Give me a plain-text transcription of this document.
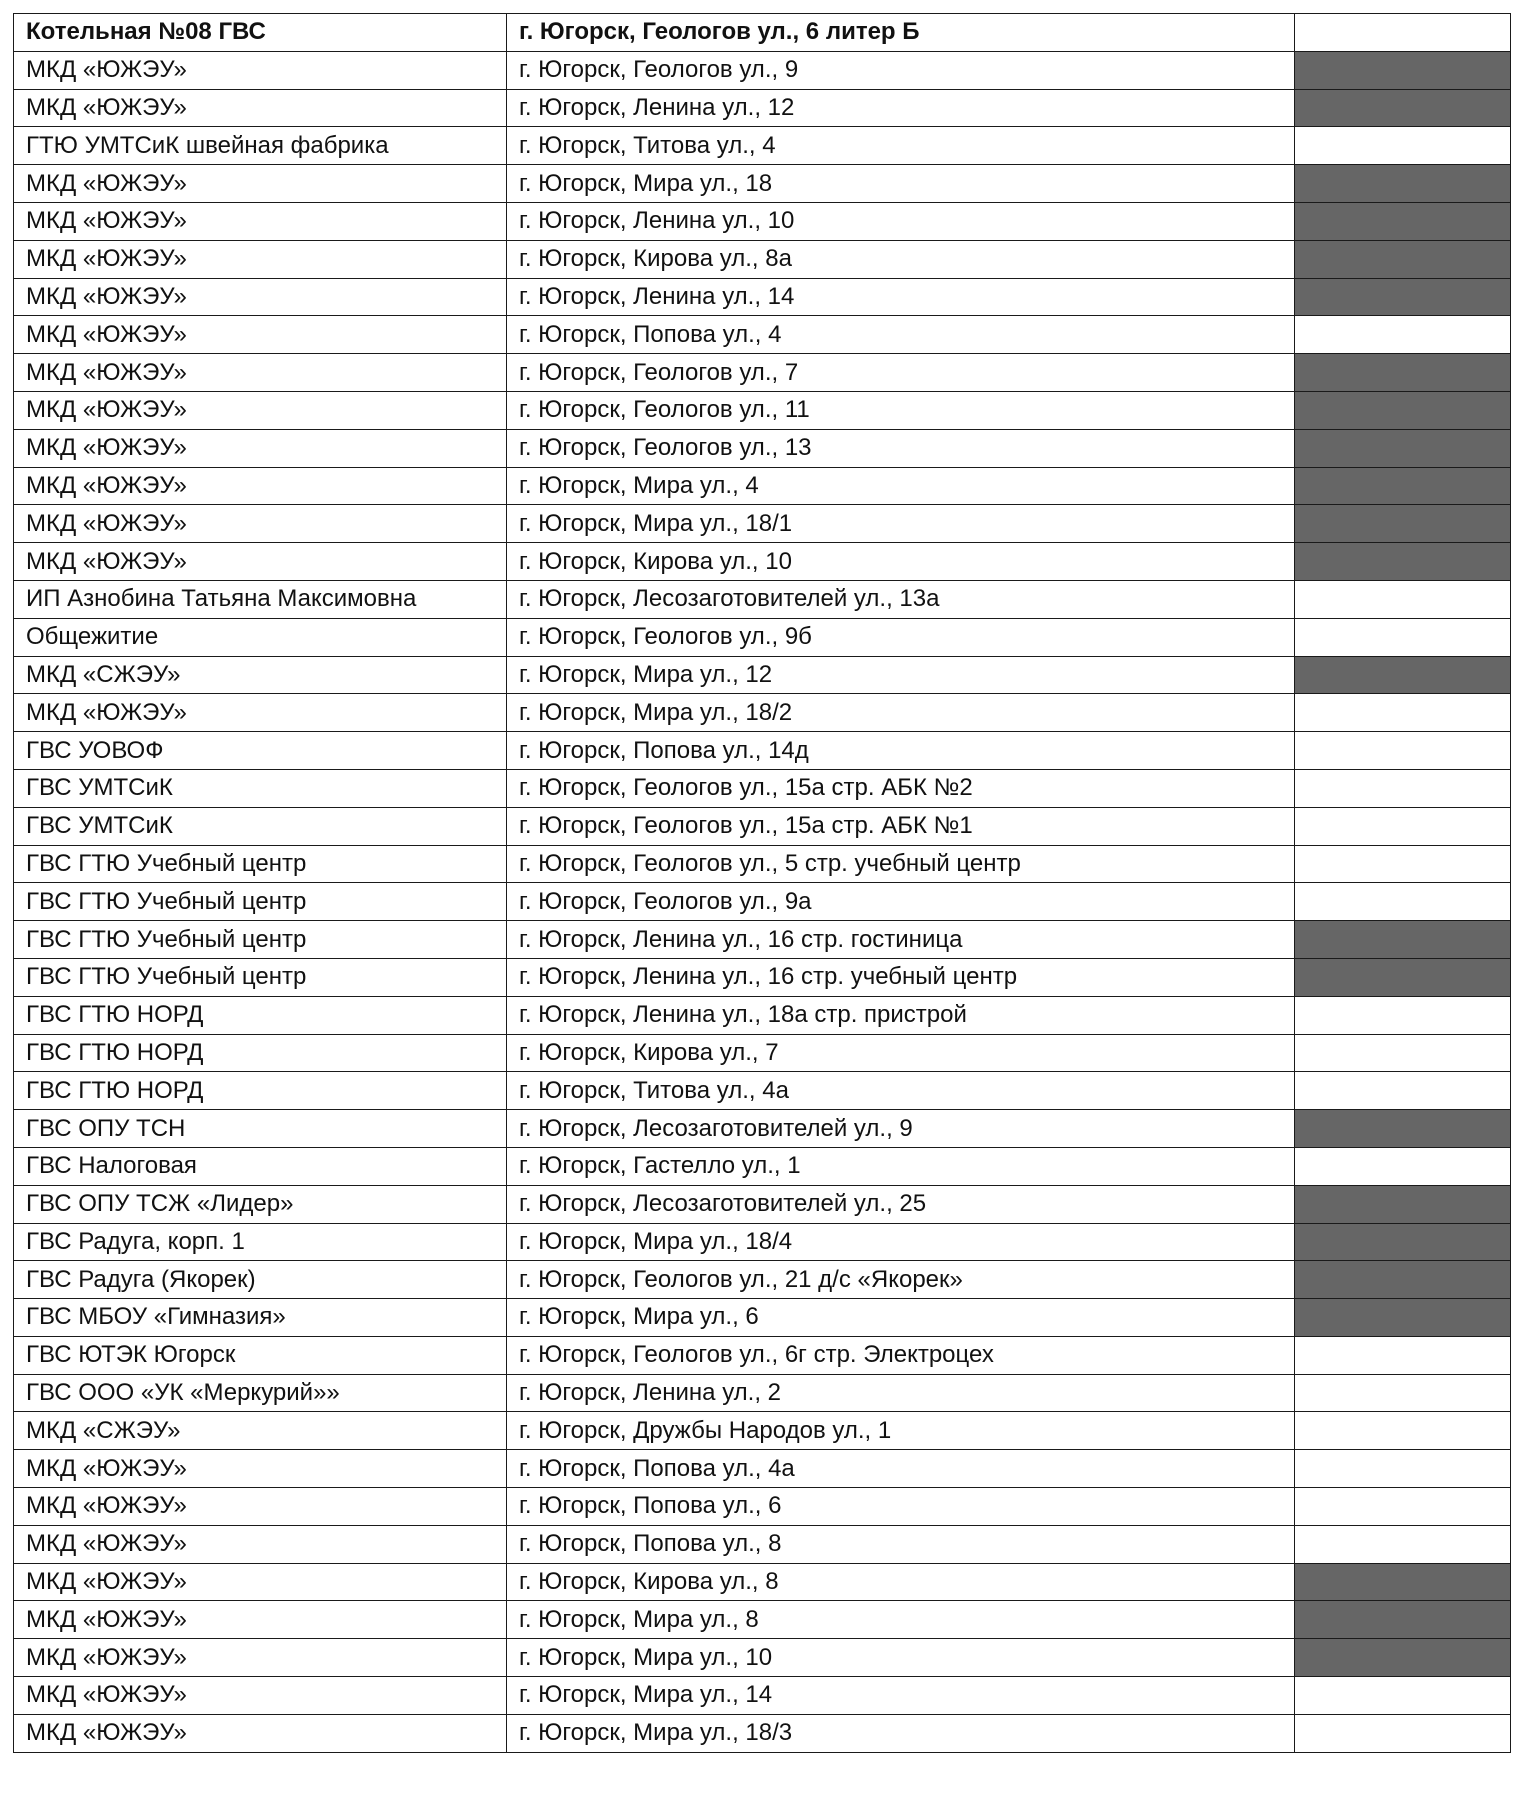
Котельная №08 ГВС	г. Югорск, Геологов ул., 6 литер Б	
МКД «ЮЖЭУ»	г. Югорск, Геологов ул., 9	
МКД «ЮЖЭУ»	г. Югорск, Ленина ул., 12	
ГТЮ УМТСиК швейная фабрика	г. Югорск, Титова ул., 4	
МКД «ЮЖЭУ»	г. Югорск, Мира ул., 18	
МКД «ЮЖЭУ»	г. Югорск, Ленина ул., 10	
МКД «ЮЖЭУ»	г. Югорск, Кирова ул., 8а	
МКД «ЮЖЭУ»	г. Югорск, Ленина ул., 14	
МКД «ЮЖЭУ»	г. Югорск, Попова ул., 4	
МКД «ЮЖЭУ»	г. Югорск, Геологов ул., 7	
МКД «ЮЖЭУ»	г. Югорск, Геологов ул., 11	
МКД «ЮЖЭУ»	г. Югорск, Геологов ул., 13	
МКД «ЮЖЭУ»	г. Югорск, Мира ул., 4	
МКД «ЮЖЭУ»	г. Югорск, Мира ул., 18/1	
МКД «ЮЖЭУ»	г. Югорск, Кирова ул., 10	
ИП Азнобина Татьяна Максимовна	г. Югорск, Лесозаготовителей ул., 13а	
Общежитие	г. Югорск, Геологов ул., 9б	
МКД «СЖЭУ»	г. Югорск, Мира ул., 12	
МКД «ЮЖЭУ»	г. Югорск, Мира ул., 18/2	
ГВС УОВОФ	г. Югорск, Попова ул., 14д	
ГВС УМТСиК	г. Югорск, Геологов ул., 15а стр. АБК №2	
ГВС УМТСиК	г. Югорск, Геологов ул., 15а стр. АБК №1	
ГВС ГТЮ Учебный центр	г. Югорск, Геологов ул., 5 стр. учебный центр	
ГВС ГТЮ Учебный центр	г. Югорск, Геологов ул., 9а	
ГВС ГТЮ Учебный центр	г. Югорск, Ленина ул., 16 стр. гостиница	
ГВС ГТЮ Учебный центр	г. Югорск, Ленина ул., 16 стр. учебный центр	
ГВС ГТЮ НОРД	г. Югорск, Ленина ул., 18а стр. пристрой	
ГВС ГТЮ НОРД	г. Югорск, Кирова ул., 7	
ГВС ГТЮ НОРД	г. Югорск, Титова ул., 4а	
ГВС ОПУ ТСН	г. Югорск, Лесозаготовителей ул., 9	
ГВС Налоговая	г. Югорск, Гастелло ул., 1	
ГВС ОПУ ТСЖ «Лидер»	г. Югорск, Лесозаготовителей ул., 25	
ГВС Радуга, корп. 1	г. Югорск, Мира ул., 18/4	
ГВС Радуга (Якорек)	г. Югорск, Геологов ул., 21 д/с «Якорек»	
ГВС МБОУ «Гимназия»	г. Югорск, Мира ул., 6	
ГВС ЮТЭК Югорск	г. Югорск, Геологов ул., 6г стр. Электроцех	
ГВС ООО «УК «Меркурий»»	г. Югорск, Ленина ул., 2	
МКД «СЖЭУ»	г. Югорск, Дружбы Народов ул., 1	
МКД «ЮЖЭУ»	г. Югорск, Попова ул., 4а	
МКД «ЮЖЭУ»	г. Югорск, Попова ул., 6	
МКД «ЮЖЭУ»	г. Югорск, Попова ул., 8	
МКД «ЮЖЭУ»	г. Югорск, Кирова ул., 8	
МКД «ЮЖЭУ»	г. Югорск, Мира ул., 8	
МКД «ЮЖЭУ»	г. Югорск, Мира ул., 10	
МКД «ЮЖЭУ»	г. Югорск, Мира ул., 14	
МКД «ЮЖЭУ»	г. Югорск, Мира ул., 18/3	
